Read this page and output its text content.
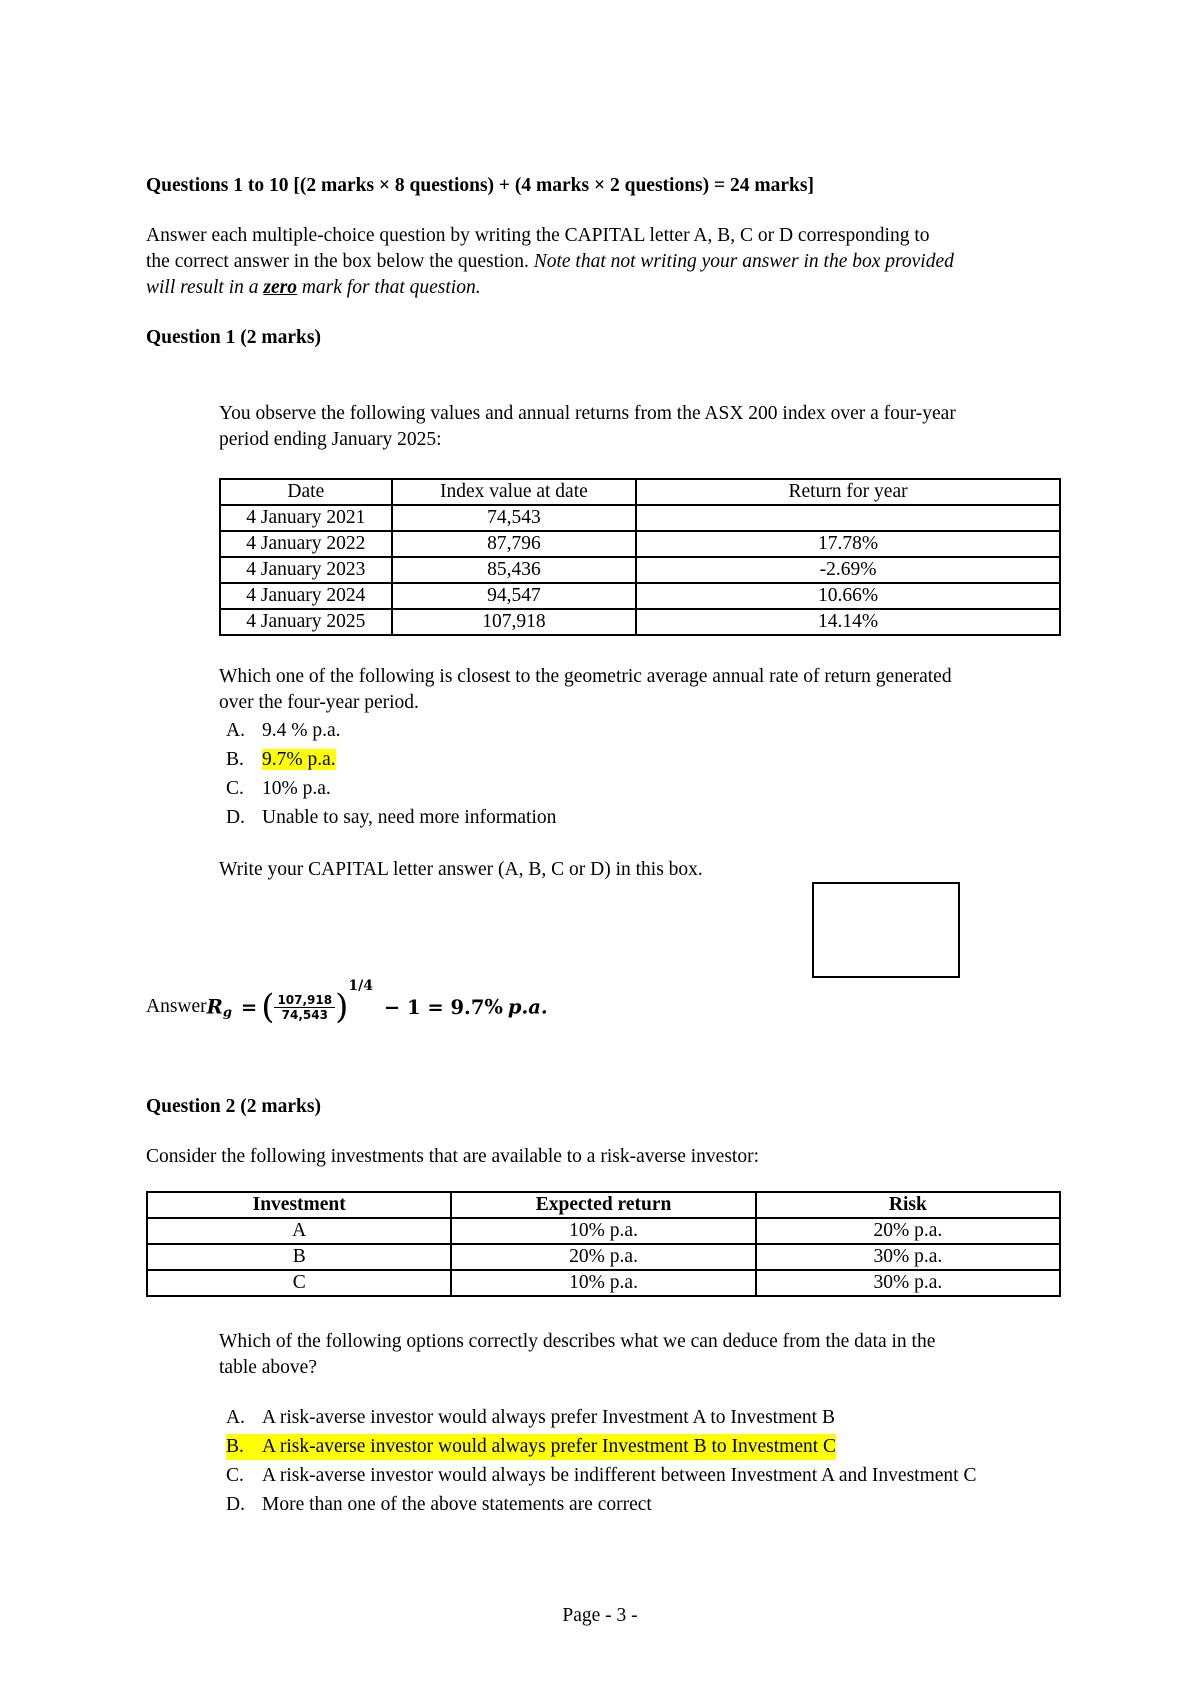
Questions 1 to 10 [(2 marks × 8 questions) + (4 marks × 2 questions) = 24 marks]
Answer each multiple-choice question by writing the CAPITAL letter A, B, C or D corresponding to
the correct answer in the box below the question. Note that not writing your answer in the box provided
will result in a zero mark for that question.
Question 1 (2 marks)
You observe the following values and annual returns from the ASX 200 index over a four-year
period ending January 2025:
Date	Index value at date	Return for year
4 January 2021	74,543	
4 January 2022	87,796	17.78%
4 January 2023	85,436	-2.69%
4 January 2024	94,547	10.66%
4 January 2025	107,918	14.14%
Which one of the following is closest to the geometric average annual rate of return generated
over the four-year period.
A. 9.4 % p.a.
B. 9.7% p.a.
C. 10% p.a.
D. Unable to say, need more information
Write your CAPITAL letter answer (A, B, C or D) in this box.
AnswerR$_g$ = ( $\frac{107,918}{74,543} )^{1/4} - 1 = 9.7\%$ p.a.
Question 2 (2 marks)
Consider the following investments that are available to a risk-averse investor:
Investment	Expected return	Risk
A	10% p.a.	20% p.a.
B	20% p.a.	30% p.a.
C	10% p.a.	30% p.a.
Which of the following options correctly describes what we can deduce from the data in the
table above?
A. A risk-averse investor would always prefer Investment A to Investment B
B. A risk-averse investor would always prefer Investment B to Investment C
C. A risk-averse investor would always be indifferent between Investment A and Investment C
D. More than one of the above statements are correct
Page - 3 -
